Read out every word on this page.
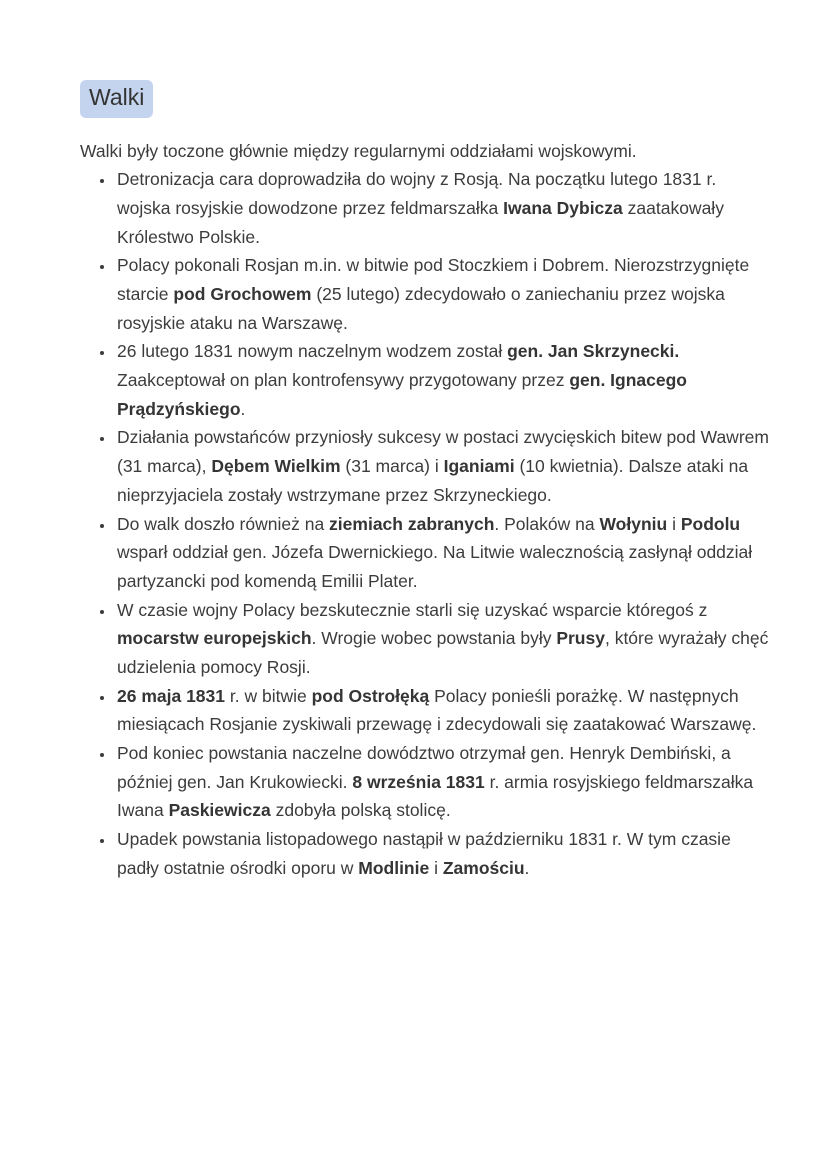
Walki

Walki były toczone głównie między regularnymi oddziałami wojskowymi.

• Detronizacja cara doprowadziła do wojny z Rosją. Na początku lutego 1831 r. wojska rosyjskie dowodzone przez feldmarszałka Iwana Dybicza zaatakowały Królestwo Polskie.
• Polacy pokonali Rosjan m.in. w bitwie pod Stoczkiem i Dobrem. Nierozstrzygnięte starcie pod Grochowem (25 lutego) zdecydowało o zaniechaniu przez wojska rosyjskie ataku na Warszawę.
• 26 lutego 1831 nowym naczelnym wodzem został gen. Jan Skrzynecki. Zaakceptował on plan kontrofensywy przygotowany przez gen. Ignacego Prądzyńskiego.
• Działania powstańców przyniosły sukcesy w postaci zwycięskich bitew pod Wawrem (31 marca), Dębem Wielkim (31 marca) i Iganiami (10 kwietnia). Dalsze ataki na nieprzyjaciela zostały wstrzymane przez Skrzyneckiego.
• Do walk doszło również na ziemiach zabranych. Polaków na Wołyniu i Podolu wsparł oddział gen. Józefa Dwernickiego. Na Litwie walecznością zasłynął oddział partyzancki pod komendą Emilii Plater.
• W czasie wojny Polacy bezskutecznie starli się uzyskać wsparcie któregoś z mocarstw europejskich. Wrogie wobec powstania były Prusy, które wyrażały chęć udzielenia pomocy Rosji.
• 26 maja 1831 r. w bitwie pod Ostrołęką Polacy ponieśli porażkę. W następnych miesiącach Rosjanie zyskiwali przewagę i zdecydowali się zaatakować Warszawę.
• Pod koniec powstania naczelne dowództwo otrzymał gen. Henryk Dembiński, a później gen. Jan Krukowiecki. 8 września 1831 r. armia rosyjskiego feldmarszałka Iwana Paskiewicza zdobyła polską stolicę.
• Upadek powstania listopadowego nastąpił w październiku 1831 r. W tym czasie padły ostatnie ośrodki oporu w Modlinie i Zamościu.
